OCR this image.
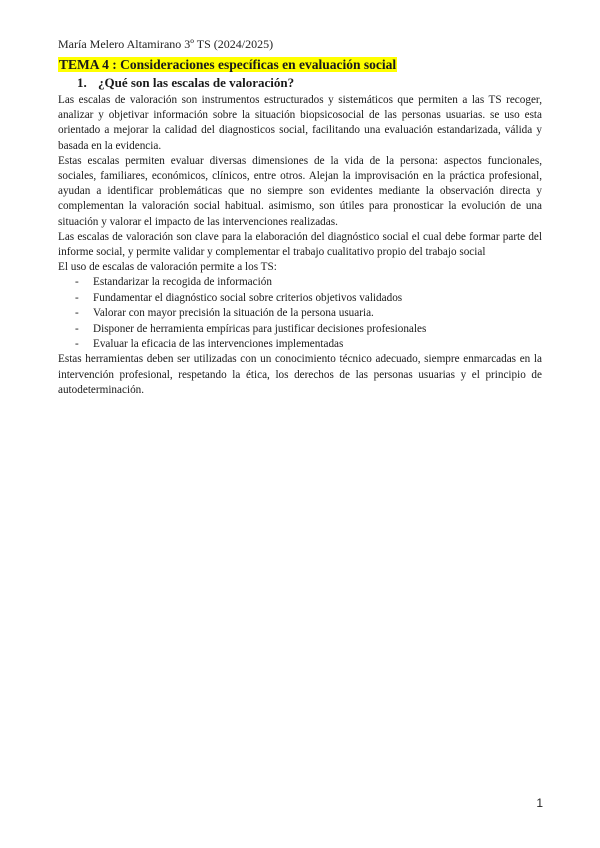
María Melero Altamirano 3º TS (2024/2025)
TEMA 4 : Consideraciones específicas en evaluación social
1. ¿Qué son las escalas de valoración?

Las escalas de valoración son instrumentos estructurados y sistemáticos que permiten a las TS recoger, analizar y objetivar información sobre la situación biopsicosocial de las personas usuarias. se uso esta orientado a mejorar la calidad del diagnosticos social, facilitando una evaluación estandarizada, válida y basada en la evidencia.

Estas escalas permiten evaluar diversas dimensiones de la vida de la persona: aspectos funcionales, sociales, familiares, económicos, clínicos, entre otros. Alejan la improvisación en la práctica profesional, ayudan a identificar problemáticas que no siempre son evidentes mediante la observación directa y complementan la valoración social habitual. asimismo, son útiles para pronosticar la evolución de una situación y valorar el impacto de las intervenciones realizadas.

Las escalas de valoración son clave para la elaboración del diagnóstico social el cual debe formar parte del informe social, y permite validar y complementar el trabajo cualitativo propio del trabajo social

El uso de escalas de valoración permite a los TS:

-	Estandarizar la recogida de información
-	Fundamentar el diagnóstico social sobre criterios objetivos validados
-	Valorar con mayor precisión la situación de la persona usuaria.
-	Disponer de herramienta empíricas para justificar decisiones profesionales
-	Evaluar la eficacia de las intervenciones implementadas

Estas herramientas deben ser utilizadas con un conocimiento técnico adecuado, siempre enmarcadas en la intervención profesional, respetando la ética, los derechos de las personas usuarias y el principio de autodeterminación.

1
